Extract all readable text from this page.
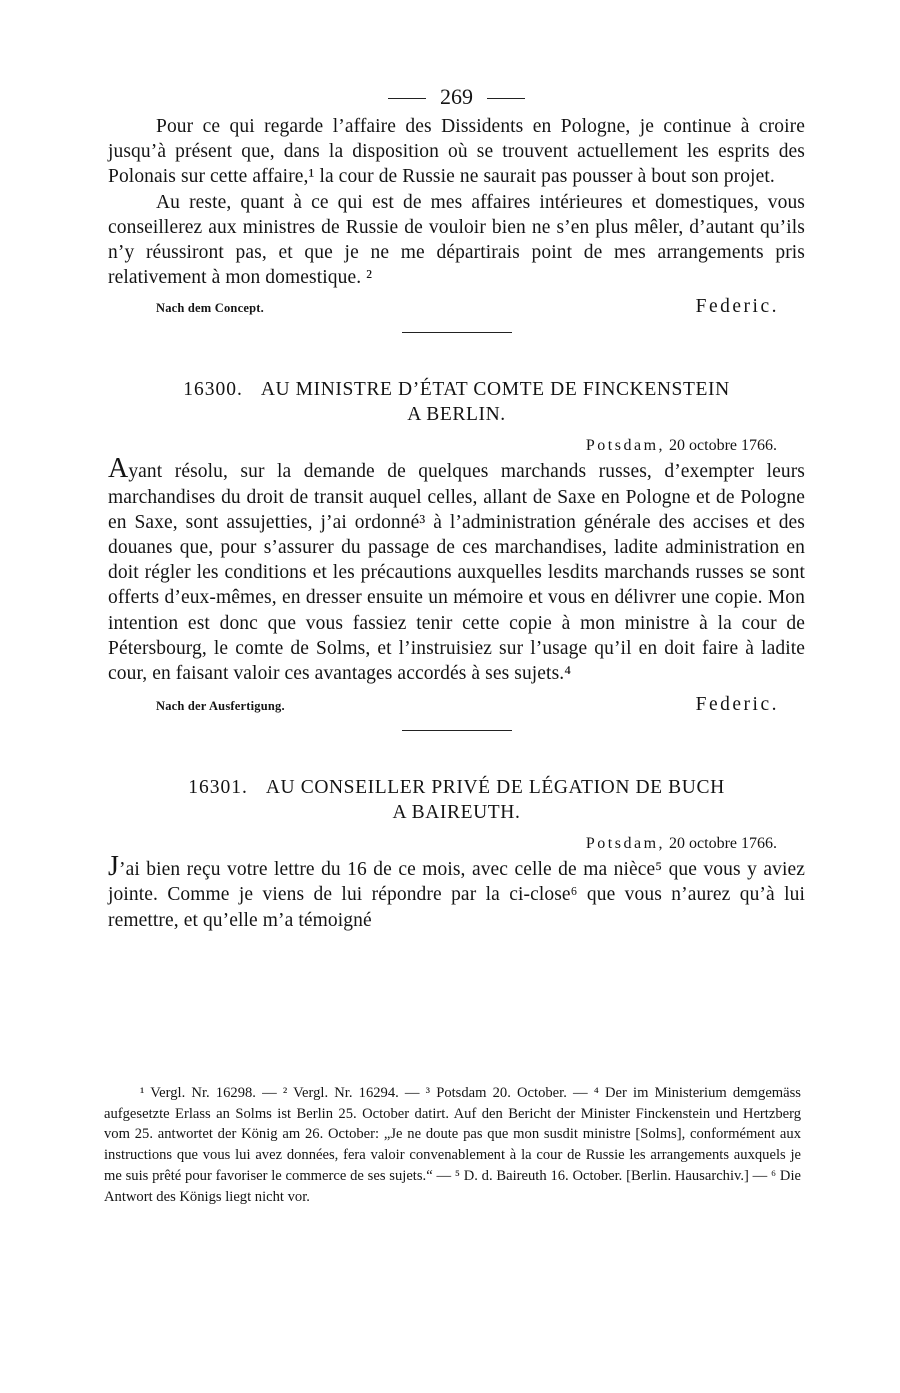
269

Pour ce qui regarde l’affaire des Dissidents en Pologne, je continue à croire jusqu’à présent que, dans la disposition où se trouvent actuellement les esprits des Polonais sur cette affaire,¹ la cour de Russie ne saurait pas pousser à bout son projet.

Au reste, quant à ce qui est de mes affaires intérieures et domestiques, vous conseillerez aux ministres de Russie de vouloir bien ne s’en plus mêler, d’autant qu’ils n’y réussiront pas, et que je ne me départirais point de mes arrangements pris relativement à mon domestique. ²

Nach dem Concept.	Federic.
16300. AU MINISTRE D’ÉTAT COMTE DE FINCKENSTEIN
A BERLIN.
Potsdam, 20 octobre 1766.

Ayant résolu, sur la demande de quelques marchands russes, d’exempter leurs marchandises du droit de transit auquel celles, allant de Saxe en Pologne et de Pologne en Saxe, sont assujetties, j’ai ordonné³ à l’administration générale des accises et des douanes que, pour s’assurer du passage de ces marchandises, ladite administration en doit régler les conditions et les précautions auxquelles lesdits marchands russes se sont offerts d’eux-mêmes, en dresser ensuite un mémoire et vous en délivrer une copie. Mon intention est donc que vous fassiez tenir cette copie à mon ministre à la cour de Pétersbourg, le comte de Solms, et l’instruisiez sur l’usage qu’il en doit faire à ladite cour, en faisant valoir ces avantages accordés à ses sujets.⁴

Nach der Ausfertigung.	Federic.
16301. AU CONSEILLER PRIVÉ DE LÉGATION DE BUCH
A BAIREUTH.
Potsdam, 20 octobre 1766.

J’ai bien reçu votre lettre du 16 de ce mois, avec celle de ma nièce⁵ que vous y aviez jointe. Comme je viens de lui répondre par la ci-close⁶ que vous n’aurez qu’à lui remettre, et qu’elle m’a témoigné

¹ Vergl. Nr. 16298. — ² Vergl. Nr. 16294. — ³ Potsdam 20. October. — ⁴ Der im Ministerium demgemäss aufgesetzte Erlass an Solms ist Berlin 25. October datirt. Auf den Bericht der Minister Finckenstein und Hertzberg vom 25. antwortet der König am 26. October: „Je ne doute pas que mon susdit ministre [Solms], conformément aux instructions que vous lui avez données, fera valoir convenablement à la cour de Russie les arrangements auxquels je me suis prêté pour favoriser le commerce de ses sujets.“ — ⁵ D. d. Baireuth 16. October. [Berlin. Hausarchiv.] — ⁶ Die Antwort des Königs liegt nicht vor.
